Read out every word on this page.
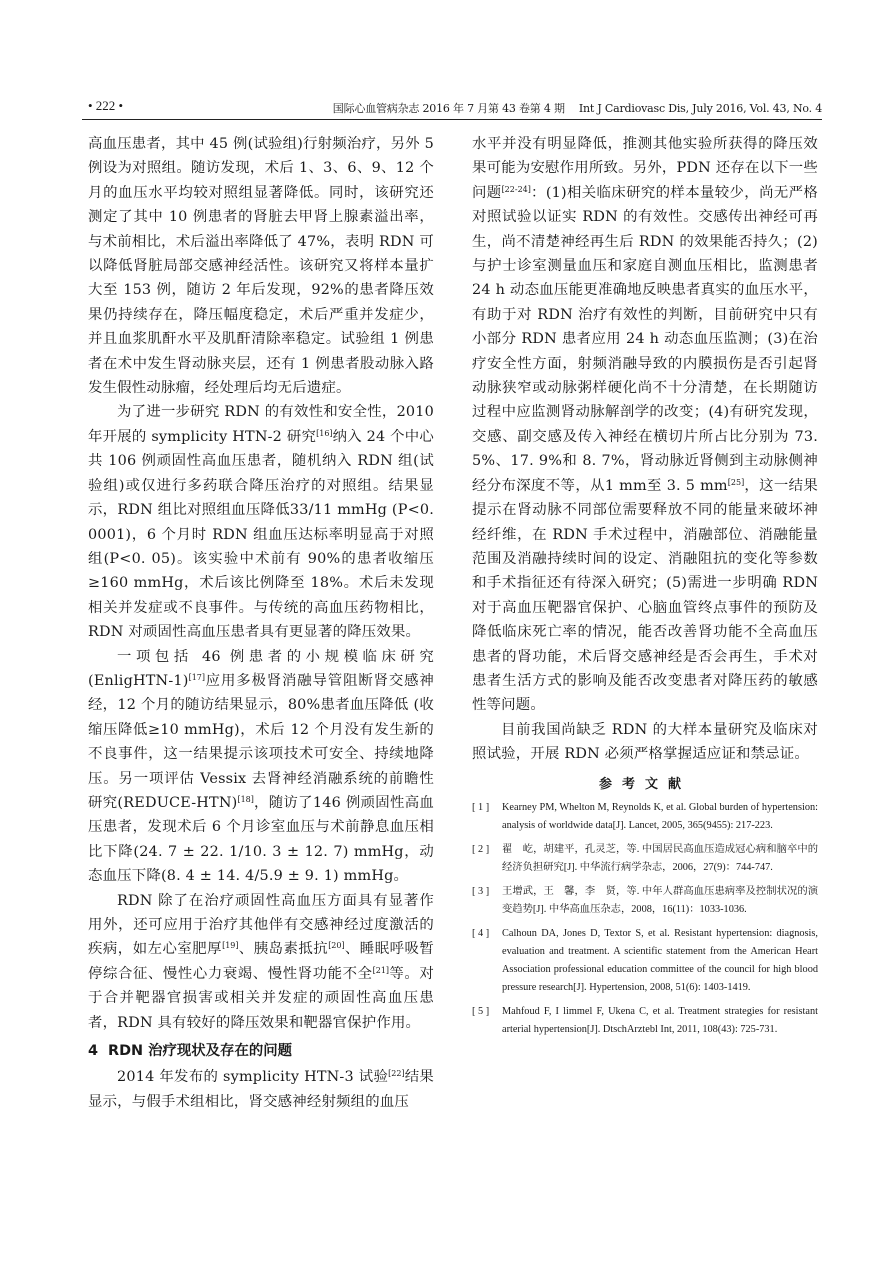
• 222 •	国际心血管病杂志 2016 年 7 月第 43 卷第 4 期 　Int J Cardiovasc Dis, July 2016, Vol. 43, No. 4

高血压患者，其中 45 例(试验组)行射频治疗，另外 5 例设为对照组。随访发现，术后 1、3、6、9、12 个月的血压水平均较对照组显著降低。同时，该研究还测定了其中 10 例患者的肾脏去甲肾上腺素溢出率，与术前相比，术后溢出率降低了 47%，表明 RDN 可以降低肾脏局部交感神经活性。该研究又将样本量扩大至 153 例，随访 2 年后发现，92%的患者降压效果仍持续存在，降压幅度稳定，术后严重并发症少，并且血浆肌酐水平及肌酐清除率稳定。试验组 1 例患者在术中发生肾动脉夹层，还有 1 例患者股动脉入路发生假性动脉瘤，经处理后均无后遗症。

为了进一步研究 RDN 的有效性和安全性，2010 年开展的 symplicity HTN-2 研究[16]纳入 24 个中心共 106 例顽固性高血压患者，随机纳入 RDN 组(试验组)或仅进行多药联合降压治疗的对照组。结果显示，RDN 组比对照组血压降低33/11 mmHg (P<0. 0001)，6 个月时 RDN 组血压达标率明显高于对照组(P<0. 05)。该实验中术前有 90%的患者收缩压≥160 mmHg，术后该比例降至 18%。术后未发现相关并发症或不良事件。与传统的高血压药物相比，RDN 对顽固性高血压患者具有更显著的降压效果。

一项包括 46 例患者的小规模临床研究 (EnligHTN-1)[17]应用多极肾消融导管阻断肾交感神经，12 个月的随访结果显示，80%患者血压降低 (收缩压降低≥10 mmHg)，术后 12 个月没有发生新的不良事件，这一结果提示该项技术可安全、持续地降压。另一项评估 Vessix 去肾神经消融系统的前瞻性研究(REDUCE-HTN)[18]，随访了146 例顽固性高血压患者，发现术后 6 个月诊室血压与术前静息血压相比下降(24. 7 ± 22. 1/10. 3 ± 12. 7) mmHg，动态血压下降(8. 4 ± 14. 4/5.9 ± 9. 1) mmHg。

RDN 除了在治疗顽固性高血压方面具有显著作用外，还可应用于治疗其他伴有交感神经过度激活的疾病，如左心室肥厚[19]、胰岛素抵抗[20]、睡眠呼吸暂停综合征、慢性心力衰竭、慢性肾功能不全[21]等。对于合并靶器官损害或相关并发症的顽固性高血压患者，RDN 具有较好的降压效果和靶器官保护作用。

4 RDN 治疗现状及存在的问题

2014 年发布的 symplicity HTN-3 试验[22]结果显示，与假手术组相比，肾交感神经射频组的血压

水平并没有明显降低，推测其他实验所获得的降压效果可能为安慰作用所致。另外，PDN 还存在以下一些问题[22-24]：(1)相关临床研究的样本量较少，尚无严格对照试验以证实 RDN 的有效性。交感传出神经可再生，尚不清楚神经再生后 RDN 的效果能否持久；(2)与护士诊室测量血压和家庭自测血压相比，监测患者 24 h 动态血压能更准确地反映患者真实的血压水平，有助于对 RDN 治疗有效性的判断，目前研究中只有小部分 RDN 患者应用 24 h 动态血压监测；(3)在治疗安全性方面，射频消融导致的内膜损伤是否引起肾动脉狭窄或动脉粥样硬化尚不十分清楚，在长期随访过程中应监测肾动脉解剖学的改变；(4)有研究发现，交感、副交感及传入神经在横切片所占比分别为 73. 5%、17. 9%和 8. 7%，肾动脉近肾侧到主动脉侧神经分布深度不等，从1 mm至 3. 5 mm[25]，这一结果提示在肾动脉不同部位需要释放不同的能量来破坏神经纤维，在 RDN 手术过程中，消融部位、消融能量范围及消融持续时间的设定、消融阻抗的变化等参数和手术指征还有待深入研究；(5)需进一步明确 RDN 对于高血压靶器官保护、心脑血管终点事件的预防及降低临床死亡率的情况，能否改善肾功能不全高血压患者的肾功能，术后肾交感神经是否会再生，手术对患者生活方式的影响及能否改变患者对降压药的敏感性等问题。

目前我国尚缺乏 RDN 的大样本量研究及临床对照试验，开展 RDN 必须严格掌握适应证和禁忌证。

参考文献
[ 1 ] Kearney PM, Whelton M, Reynolds K, et al. Global burden of hypertension: analysis of worldwide data[J]. Lancet, 2005, 365(9455): 217-223.
[ 2 ] 翟　屹，胡建平，孔灵芝，等. 中国居民高血压造成冠心病和脑卒中的经济负担研究[J]. 中华流行病学杂志，2006，27(9)：744-747.
[ 3 ] 王增武，王　馨，李　贤，等. 中年人群高血压患病率及控制状况的演变趋势[J]. 中华高血压杂志，2008，16(11)：1033-1036.
[ 4 ] Calhoun DA, Jones D, Textor S, et al. Resistant hypertension: diagnosis, evaluation and treatment. A scientific statement from the American Heart Association professional education committee of the council for high blood pressure research[J]. Hypertension, 2008, 51(6): 1403-1419.
[ 5 ] Mahfoud F, I limmel F, Ukena C, et al. Treatment strategies for resistant arterial hypertension[J]. DtschArztebl Int, 2011, 108(43): 725-731.
